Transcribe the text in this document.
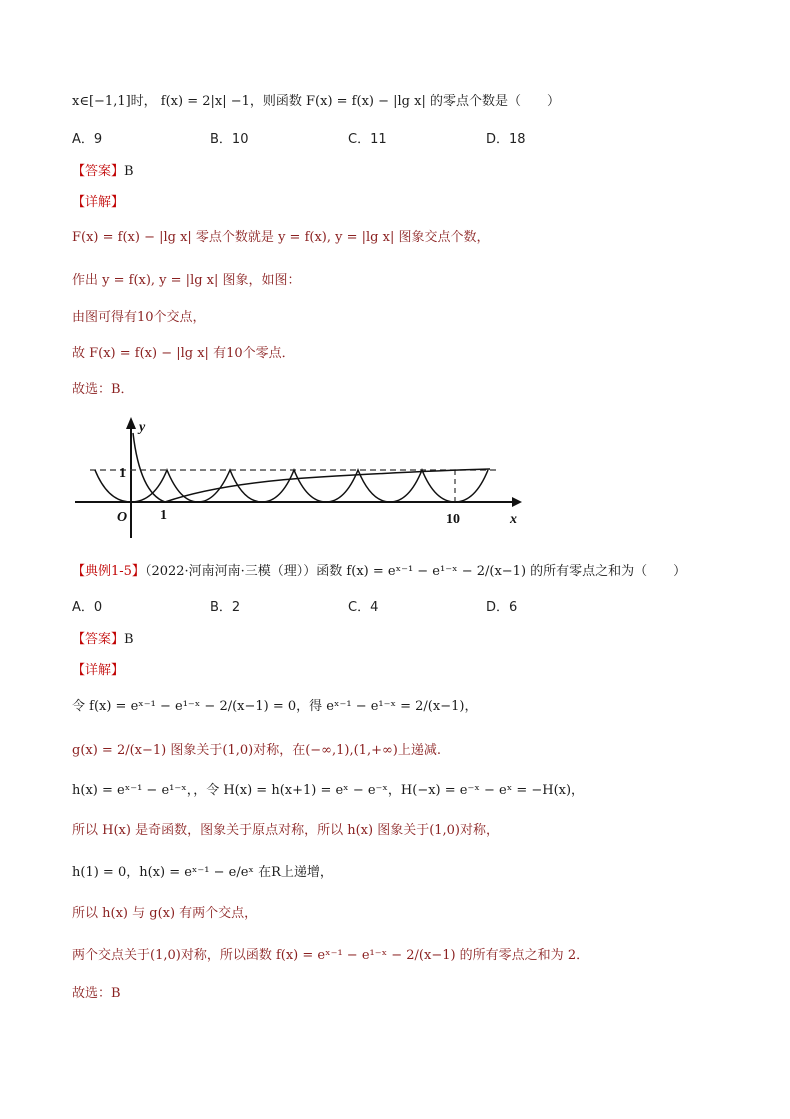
x∈[−1,1]时， f(x) = 2|x| −1，则函数 F(x) = f(x) − |lg x| 的零点个数是（　　）
A．9	B．10	C．11	D．18
【答案】B
【详解】
F(x) = f(x) − |lg x| 零点个数就是 y = f(x), y = |lg x| 图象交点个数，
作出 y = f(x), y = |lg x| 图象，如图：
由图可得有10个交点，
故 F(x) = f(x) − |lg x| 有10个零点．
故选：B．
y
x
O 1
1
10
【典例1-5】（2022·河南河南·三模（理））函数 f(x) = eˣ⁻¹ − e¹⁻ˣ − 2/(x−1) 的所有零点之和为（　　）
A．0	B．2	C．4	D．6
【答案】B
【详解】
令 f(x) = eˣ⁻¹ − e¹⁻ˣ − 2/(x−1) = 0，得 eˣ⁻¹ − e¹⁻ˣ = 2/(x−1)，
g(x) = 2/(x−1) 图象关于(1,0)对称，在(−∞,1),(1,+∞)上递减.
h(x) = eˣ⁻¹ − e¹⁻ˣ，，令 H(x) = h(x+1) = eˣ − e⁻ˣ，H(−x) = e⁻ˣ − eˣ = −H(x)，
所以 H(x) 是奇函数，图象关于原点对称，所以 h(x) 图象关于(1,0)对称，
h(1) = 0，h(x) = eˣ⁻¹ − e/eˣ 在R上递增，
所以 h(x) 与 g(x) 有两个交点，
两个交点关于(1,0)对称，所以函数 f(x) = eˣ⁻¹ − e¹⁻ˣ − 2/(x−1) 的所有零点之和为 2．
故选：B
